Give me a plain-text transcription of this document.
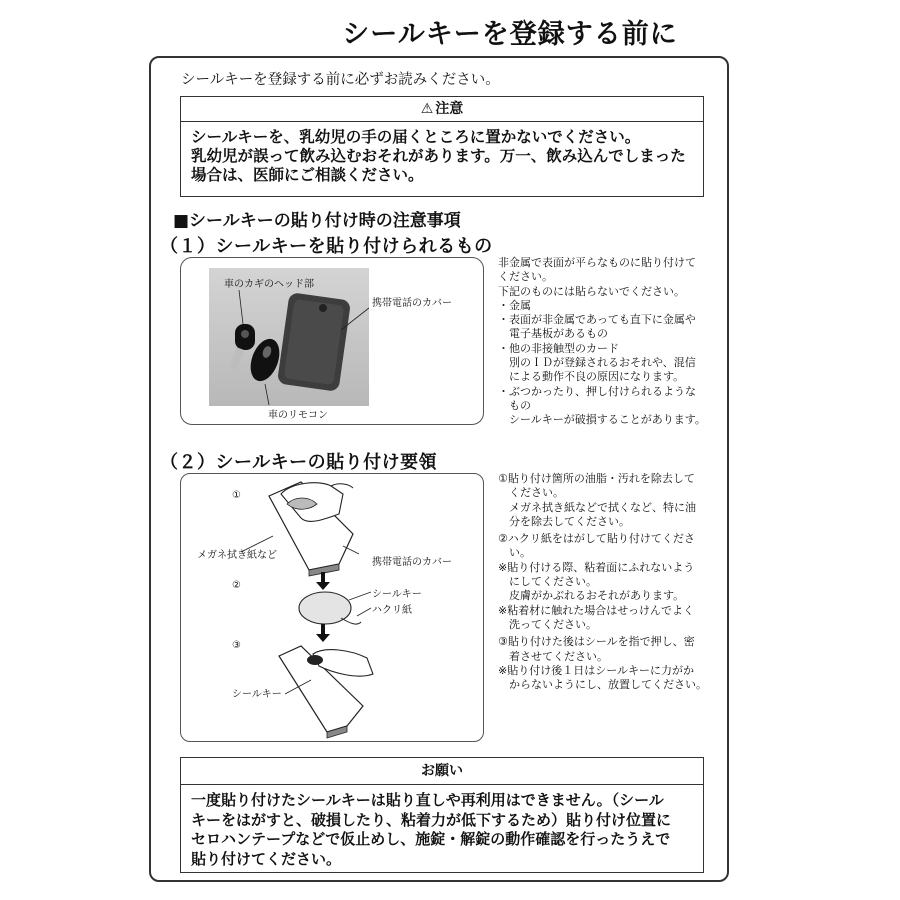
シールキーを登録する前に
シールキーを登録する前に必ずお読みください。
⚠ 注意
シールキーを、乳幼児の手の届くところに置かないでください。
乳幼児が誤って飲み込むおそれがあります。万一、飲み込んでしまった
場合は、医師にご相談ください。
■シールキーの貼り付け時の注意事項
（１）シールキーを貼り付けられるもの
車のカギのヘッド部
携帯電話のカバー
車のリモコン
非金属で表面が平らなものに貼り付けて
ください。
下記のものには貼らないでください。
・金属
・表面が非金属であっても直下に金属や
　電子基板があるもの
・他の非接触型のカード
　別のＩＤが登録されるおそれや、混信
　による動作不良の原因になります。
・ぶつかったり、押し付けられるような
　もの
　シールキーが破損することがあります。
（２）シールキーの貼り付け要領
①
②
③
メガネ拭き紙など
携帯電話のカバー
シールキー
ハクリ紙
シールキー
①貼り付け箇所の油脂・汚れを除去して
　ください。
　メガネ拭き紙などで拭くなど、特に油
　分を除去してください。
②ハクリ紙をはがして貼り付けてくださ
　い。
※貼り付ける際、粘着面にふれないよう
　にしてください。
　皮膚がかぶれるおそれがあります。
※粘着材に触れた場合はせっけんでよく
　洗ってください。
③貼り付けた後はシールを指で押し、密
　着させてください。
※貼り付け後１日はシールキーに力がか
　からないようにし、放置してください。
お願い
一度貼り付けたシールキーは貼り直しや再利用はできません。（シール
キーをはがすと、破損したり、粘着力が低下するため）貼り付け位置に
セロハンテープなどで仮止めし、施錠・解錠の動作確認を行ったうえで
貼り付けてください。
